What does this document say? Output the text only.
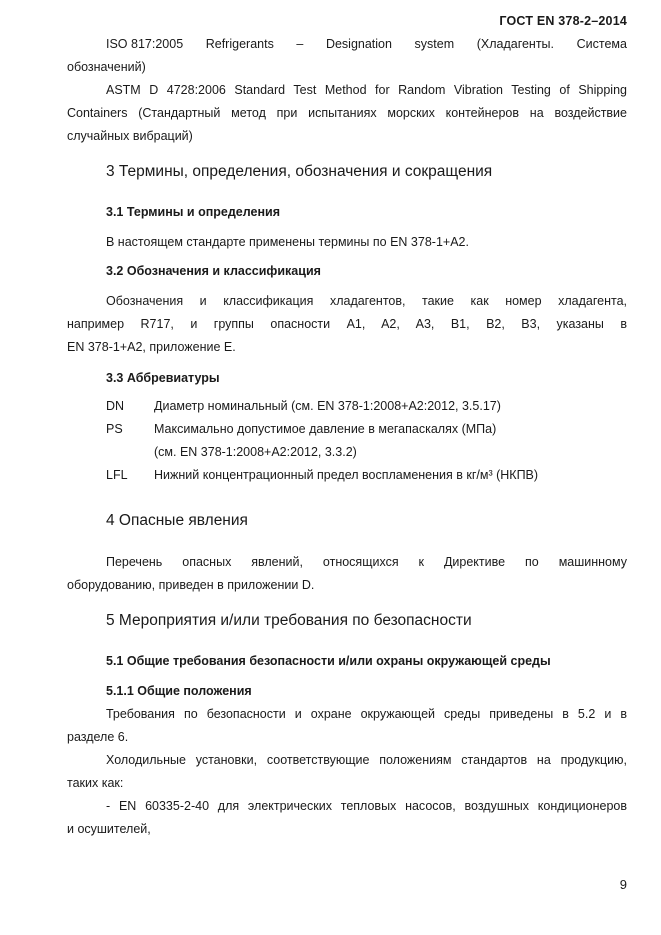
ГОСТ EN 378-2–2014
ISO 817:2005 Refrigerants – Designation system (Хладагенты. Система
обозначений)
ASTM D 4728:2006 Standard Test Method for Random Vibration Testing of Shipping
Containers (Стандартный метод при испытаниях морских контейнеров на воздействие
случайных вибраций)
3 Термины, определения, обозначения и сокращения
3.1 Термины и определения
В настоящем стандарте применены термины по EN 378-1+A2.
3.2 Обозначения и классификация
Обозначения и классификация хладагентов, такие как номер хладагента,
например R717, и группы опасности A1, A2, A3, B1, B2, B3, указаны в
EN 378-1+A2, приложение E.
3.3 Аббревиатуры
DN Диаметр номинальный (см. EN 378-1:2008+A2:2012, 3.5.17)
PS	Максимально допустимое давление в мегапаскалях (МПа)
(см. EN 378-1:2008+A2:2012, 3.3.2)
LFL Нижний концентрационный предел воспламенения в кг/м³ (НКПВ)
4 Опасные явления
Перечень опасных явлений, относящихся к Директиве по машинному
оборудованию, приведен в приложении D.
5 Мероприятия и/или требования по безопасности
5.1 Общие требования безопасности и/или охраны окружающей среды
5.1.1 Общие положения
Требования по безопасности и охране окружающей среды приведены в 5.2 и в
разделе 6.
Холодильные установки, соответствующие положениям стандартов на продукцию,
таких как:
- EN 60335-2-40 для электрических тепловых насосов, воздушных кондиционеров
и осушителей,
9
